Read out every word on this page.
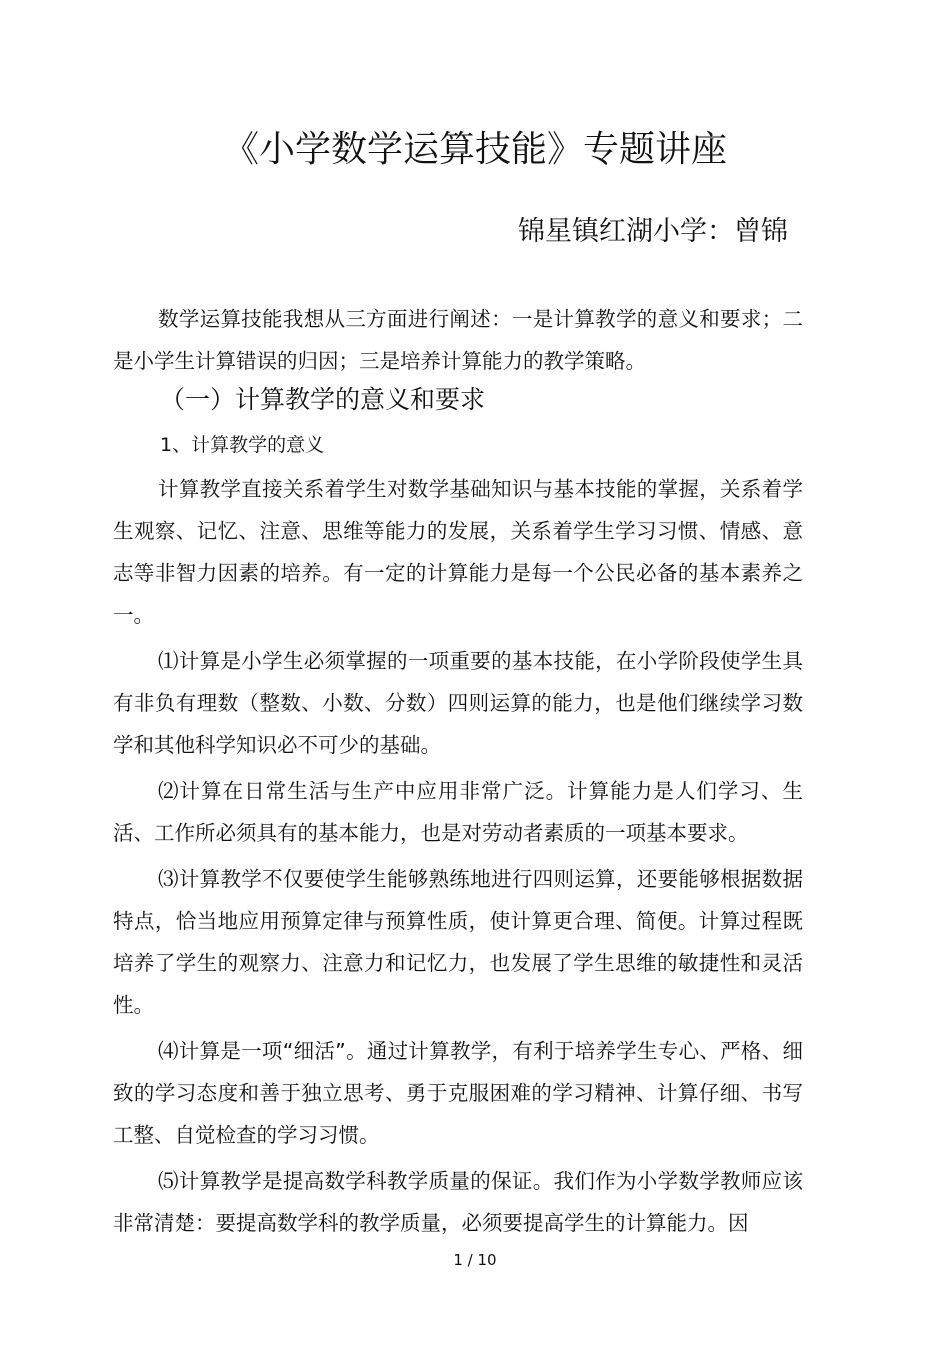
《小学数学运算技能》专题讲座
锦星镇红湖小学：曾锦

数学运算技能我想从三方面进行阐述：一是计算教学的意义和要求；二是小学生计算错误的归因；三是培养计算能力的教学策略。

（一）计算教学的意义和要求
1、计算教学的意义

计算教学直接关系着学生对数学基础知识与基本技能的掌握，关系着学生观察、记忆、注意、思维等能力的发展，关系着学生学习习惯、情感、意志等非智力因素的培养。有一定的计算能力是每一个公民必备的基本素养之一。

⑴计算是小学生必须掌握的一项重要的基本技能，在小学阶段使学生具有非负有理数（整数、小数、分数）四则运算的能力，也是他们继续学习数学和其他科学知识必不可少的基础。

⑵计算在日常生活与生产中应用非常广泛。计算能力是人们学习、生活、工作所必须具有的基本能力，也是对劳动者素质的一项基本要求。

⑶计算教学不仅要使学生能够熟练地进行四则运算，还要能够根据数据特点，恰当地应用预算定律与预算性质，使计算更合理、简便。计算过程既培养了学生的观察力、注意力和记忆力，也发展了学生思维的敏捷性和灵活性。

⑷计算是一项“细活”。通过计算教学，有利于培养学生专心、严格、细致的学习态度和善于独立思考、勇于克服困难的学习精神、计算仔细、书写工整、自觉检查的学习习惯。

⑸计算教学是提高数学科教学质量的保证。我们作为小学数学教师应该非常清楚：要提高数学科的教学质量，必须要提高学生的计算能力。因

1 / 10
